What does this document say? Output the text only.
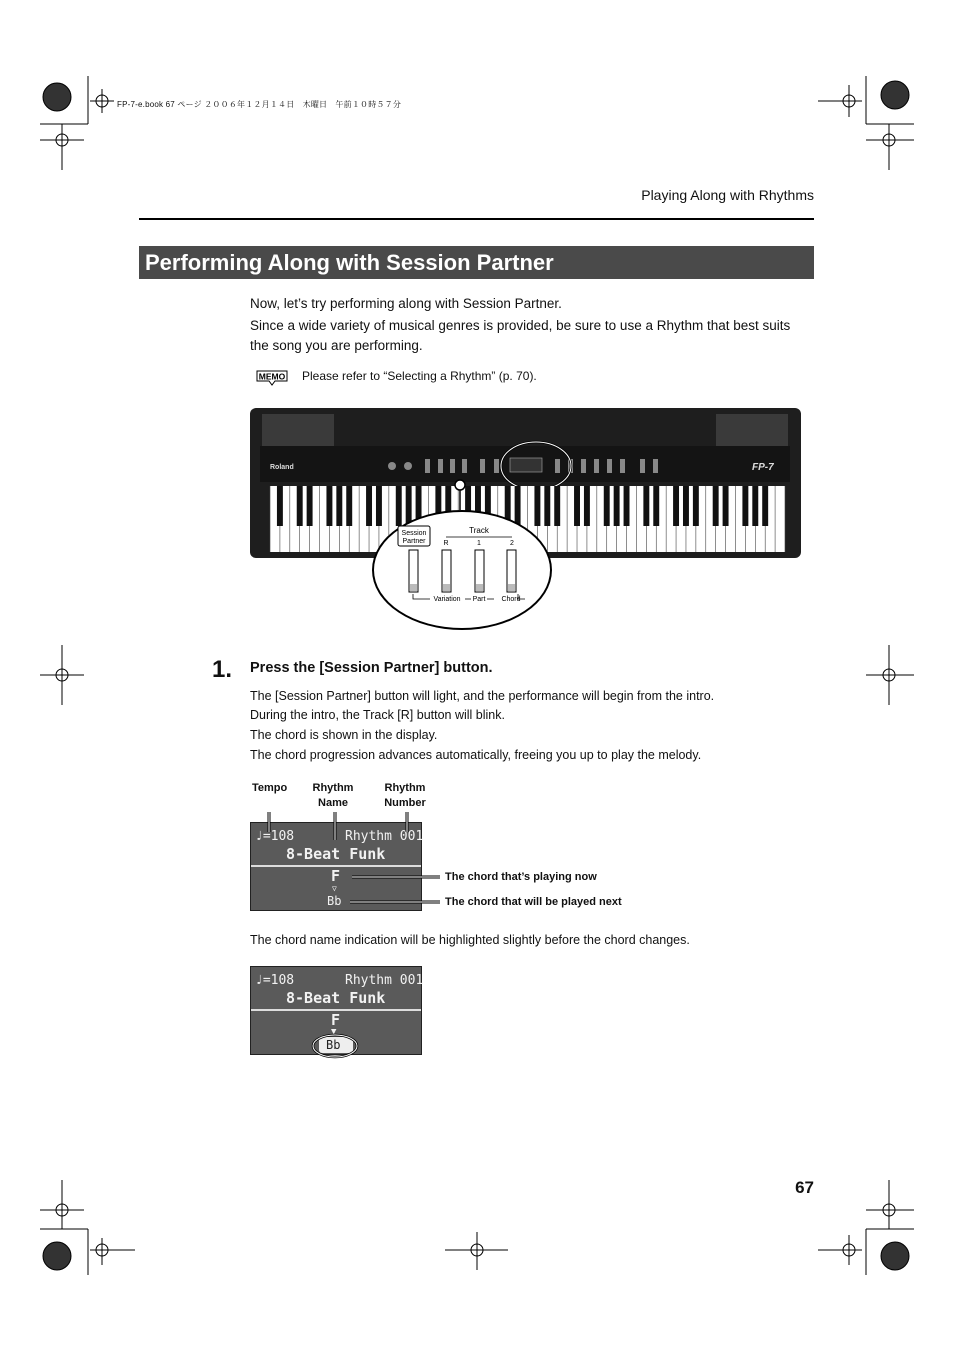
FP-7-e.book 67 ページ ２００６年１２月１４日　木曜日　午前１０時５７分
Playing Along with Rhythms
Performing Along with Session Partner
Now, let’s try performing along with Session Partner.
Since a wide variety of musical genres is provided, be sure to use a Rhythm that best suits
the song you are performing.
MEMO Please refer to “Selecting a Rhythm” (p. 70).
Roland	FP-7
Session
Partner
Track
R	1	2
Variation Part Chord
1. Press the [Session Partner] button.
The [Session Partner] button will light, and the performance will begin from the intro.
During the intro, the Track [R] button will blink.
The chord is shown in the display.
The chord progression advances automatically, freeing you up to play the melody.
Tempo Rhythm
Name
Rhythm
Number
♩=108	Rhythm 001
8-Beat Funk
F
▽
Bb
The chord that’s playing now
The chord that will be played next
The chord name indication will be highlighted slightly before the chord changes.
♩=108	Rhythm 001
8-Beat Funk
F
▼
Bb
67
